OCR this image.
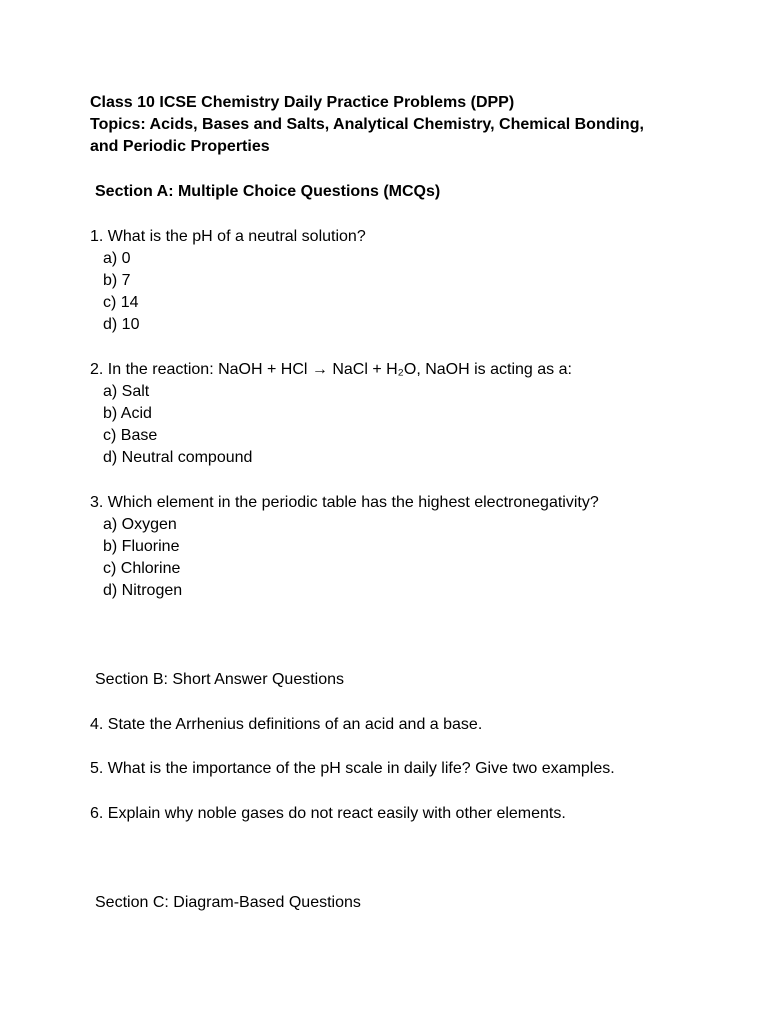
Class 10 ICSE Chemistry Daily Practice Problems (DPP)
Topics: Acids, Bases and Salts, Analytical Chemistry, Chemical Bonding,
and Periodic Properties
Section A: Multiple Choice Questions (MCQs)
1. What is the pH of a neutral solution?
a) 0
b) 7
c) 14
d) 10
2. In the reaction: NaOH + HCl → NaCl + H₂O, NaOH is acting as a:
a) Salt
b) Acid
c) Base
d) Neutral compound
3. Which element in the periodic table has the highest electronegativity?
a) Oxygen
b) Fluorine
c) Chlorine
d) Nitrogen
Section B: Short Answer Questions
4. State the Arrhenius definitions of an acid and a base.
5. What is the importance of the pH scale in daily life? Give two examples.
6. Explain why noble gases do not react easily with other elements.
Section C: Diagram-Based Questions
